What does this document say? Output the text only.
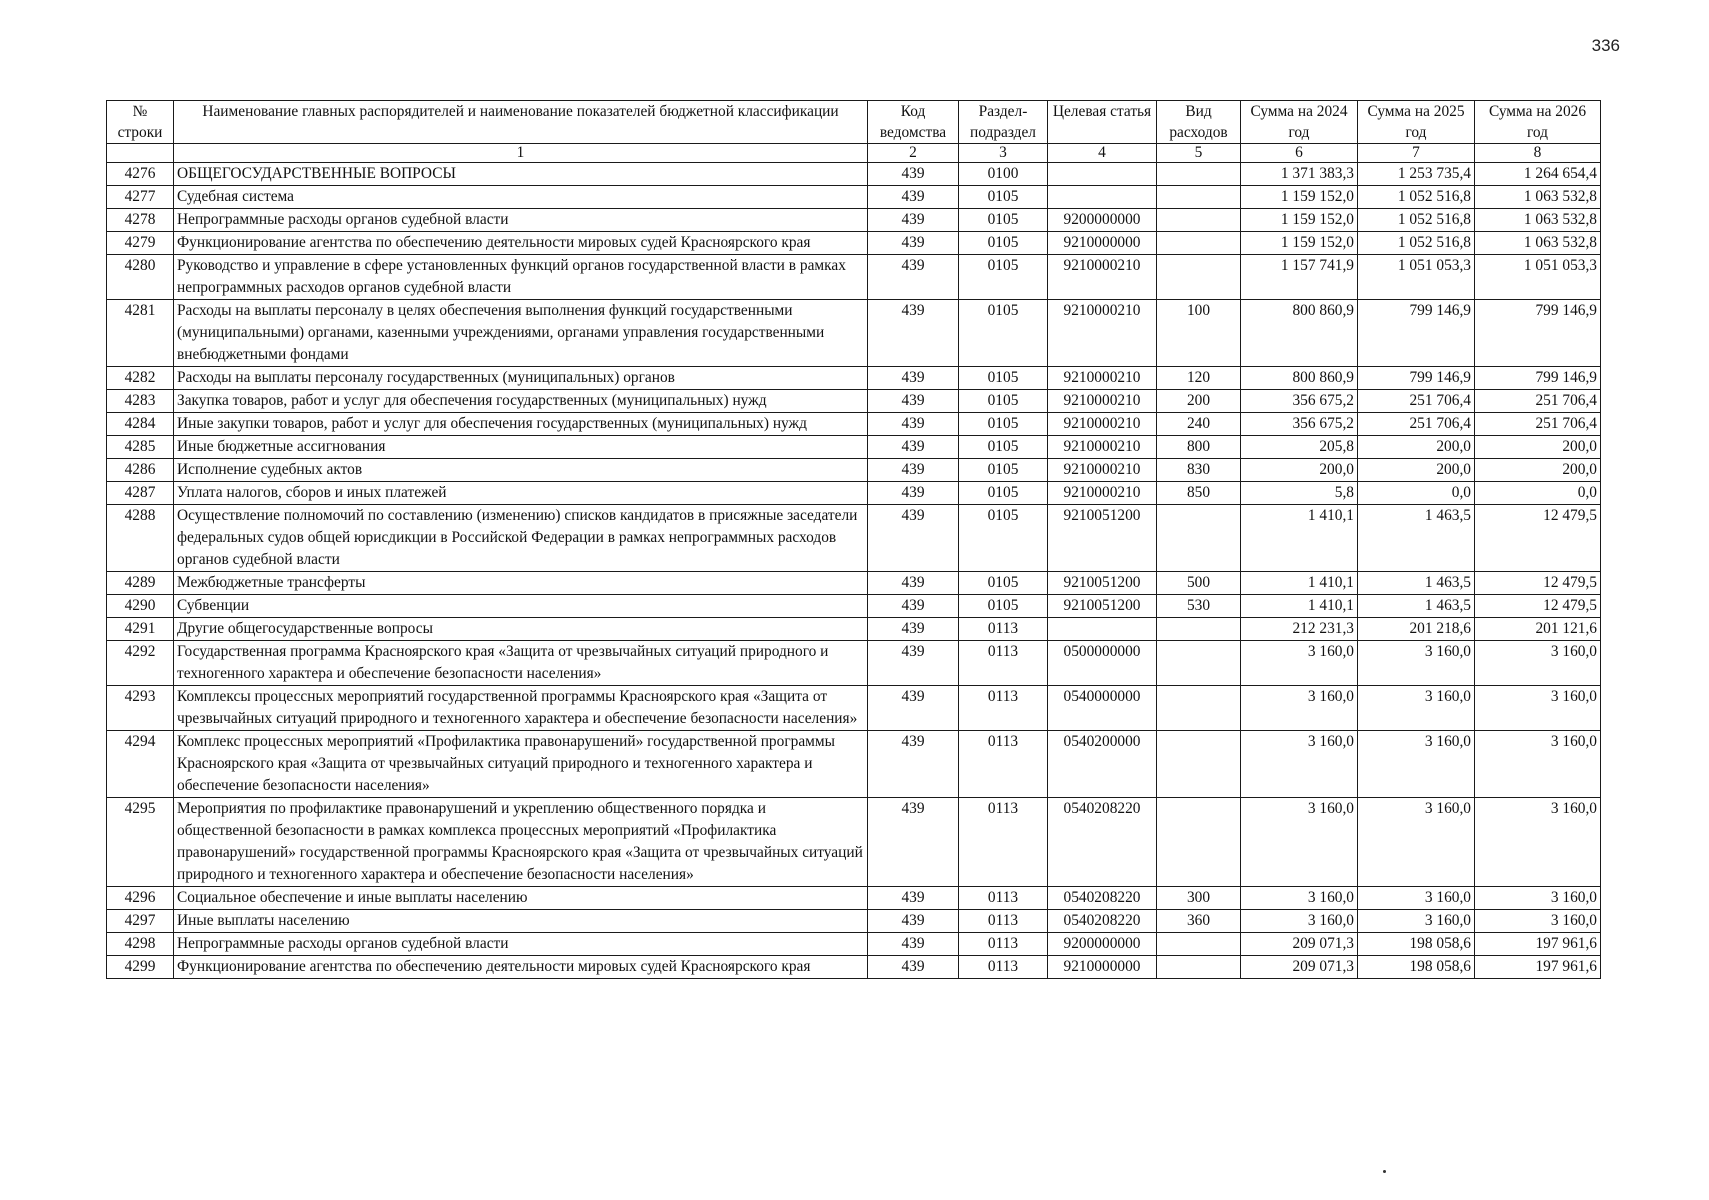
336
№ строки	Наименование главных распорядителей и наименование показателей бюджетной классификации	Код ведомства	Раздел-подраздел	Целевая статья	Вид расходов	Сумма на 2024 год	Сумма на 2025 год	Сумма на 2026 год
	1	2	3	4	5	6	7	8
4276	ОБЩЕГОСУДАРСТВЕННЫЕ ВОПРОСЫ	439	0100			1 371 383,3	1 253 735,4	1 264 654,4
4277	Судебная система	439	0105			1 159 152,0	1 052 516,8	1 063 532,8
4278	Непрограммные расходы органов судебной власти	439	0105	9200000000		1 159 152,0	1 052 516,8	1 063 532,8
4279	Функционирование агентства по обеспечению деятельности мировых судей Красноярского края	439	0105	9210000000		1 159 152,0	1 052 516,8	1 063 532,8
4280	Руководство и управление в сфере установленных функций органов государственной власти в рамках непрограммных расходов органов судебной власти	439	0105	9210000210		1 157 741,9	1 051 053,3	1 051 053,3
4281	Расходы на выплаты персоналу в целях обеспечения выполнения функций государственными (муниципальными) органами, казенными учреждениями, органами управления государственными внебюджетными фондами	439	0105	9210000210	100	800 860,9	799 146,9	799 146,9
4282	Расходы на выплаты персоналу государственных (муниципальных) органов	439	0105	9210000210	120	800 860,9	799 146,9	799 146,9
4283	Закупка товаров, работ и услуг для обеспечения государственных (муниципальных) нужд	439	0105	9210000210	200	356 675,2	251 706,4	251 706,4
4284	Иные закупки товаров, работ и услуг для обеспечения государственных (муниципальных) нужд	439	0105	9210000210	240	356 675,2	251 706,4	251 706,4
4285	Иные бюджетные ассигнования	439	0105	9210000210	800	205,8	200,0	200,0
4286	Исполнение судебных актов	439	0105	9210000210	830	200,0	200,0	200,0
4287	Уплата налогов, сборов и иных платежей	439	0105	9210000210	850	5,8	0,0	0,0
4288	Осуществление полномочий по составлению (изменению) списков кандидатов в присяжные заседатели федеральных судов общей юрисдикции в Российской Федерации в рамках непрограммных расходов органов судебной власти	439	0105	9210051200		1 410,1	1 463,5	12 479,5
4289	Межбюджетные трансферты	439	0105	9210051200	500	1 410,1	1 463,5	12 479,5
4290	Субвенции	439	0105	9210051200	530	1 410,1	1 463,5	12 479,5
4291	Другие общегосударственные вопросы	439	0113			212 231,3	201 218,6	201 121,6
4292	Государственная программа Красноярского края «Защита от чрезвычайных ситуаций природного и техногенного характера и обеспечение безопасности населения»	439	0113	0500000000		3 160,0	3 160,0	3 160,0
4293	Комплексы процессных мероприятий государственной программы Красноярского края «Защита от чрезвычайных ситуаций природного и техногенного характера и обеспечение безопасности населения»	439	0113	0540000000		3 160,0	3 160,0	3 160,0
4294	Комплекс процессных мероприятий «Профилактика правонарушений» государственной программы Красноярского края «Защита от чрезвычайных ситуаций природного и техногенного характера и обеспечение безопасности населения»	439	0113	0540200000		3 160,0	3 160,0	3 160,0
4295	Мероприятия по профилактике правонарушений и укреплению общественного порядка и общественной безопасности в рамках комплекса процессных мероприятий «Профилактика правонарушений» государственной программы Красноярского края «Защита от чрезвычайных ситуаций природного и техногенного характера и обеспечение безопасности населения»	439	0113	0540208220		3 160,0	3 160,0	3 160,0
4296	Социальное обеспечение и иные выплаты населению	439	0113	0540208220	300	3 160,0	3 160,0	3 160,0
4297	Иные выплаты населению	439	0113	0540208220	360	3 160,0	3 160,0	3 160,0
4298	Непрограммные расходы органов судебной власти	439	0113	9200000000		209 071,3	198 058,6	197 961,6
4299	Функционирование агентства по обеспечению деятельности мировых судей Красноярского края	439	0113	9210000000		209 071,3	198 058,6	197 961,6
